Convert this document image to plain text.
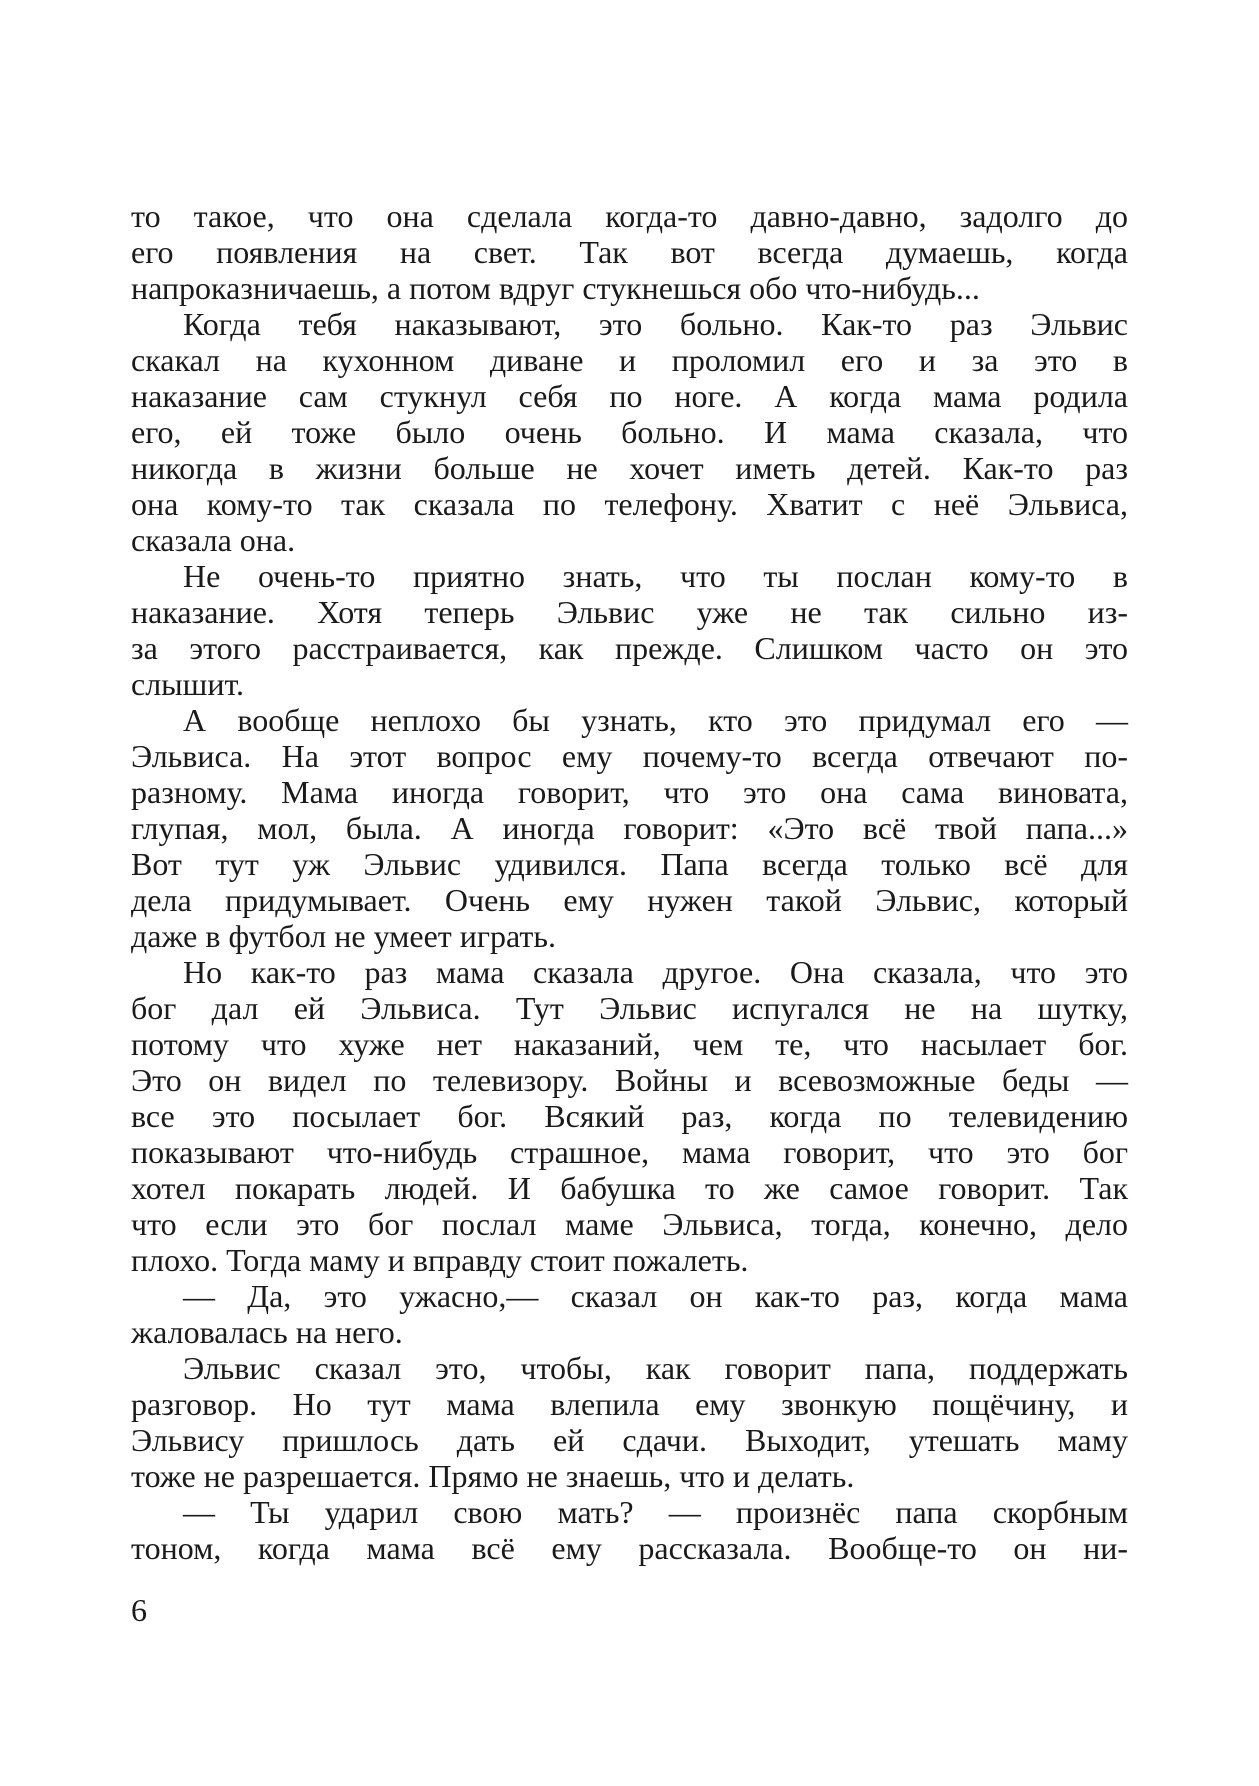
то такое, что она сделала когда-то давно-давно, задолго до
его появления на свет. Так вот всегда думаешь, когда
напроказничаешь, а потом вдруг стукнешься обо что-нибудь...
Когда тебя наказывают, это больно. Как-то раз Эльвис
скакал на кухонном диване и проломил его и за это в
наказание сам стукнул себя по ноге. А когда мама родила
его, ей тоже было очень больно. И мама сказала, что
никогда в жизни больше не хочет иметь детей. Как-то раз
она кому-то так сказала по телефону. Хватит с неё Эльвиса,
сказала она.
Не очень-то приятно знать, что ты послан кому-то в
наказание. Хотя теперь Эльвис уже не так сильно из-
за этого расстраивается, как прежде. Слишком часто он это
слышит.
А вообще неплохо бы узнать, кто это придумал его —
Эльвиса. На этот вопрос ему почему-то всегда отвечают по-
разному. Мама иногда говорит, что это она сама виновата,
глупая, мол, была. А иногда говорит: «Это всё твой папа...»
Вот тут уж Эльвис удивился. Папа всегда только всё для
дела придумывает. Очень ему нужен такой Эльвис, который
даже в футбол не умеет играть.
Но как-то раз мама сказала другое. Она сказала, что это
бог дал ей Эльвиса. Тут Эльвис испугался не на шутку,
потому что хуже нет наказаний, чем те, что насылает бог.
Это он видел по телевизору. Войны и всевозможные беды —
все это посылает бог. Всякий раз, когда по телевидению
показывают что-нибудь страшное, мама говорит, что это бог
хотел покарать людей. И бабушка то же самое говорит. Так
что если это бог послал маме Эльвиса, тогда, конечно, дело
плохо. Тогда маму и вправду стоит пожалеть.
— Да, это ужасно,— сказал он как-то раз, когда мама
жаловалась на него.
Эльвис сказал это, чтобы, как говорит папа, поддержать
разговор. Но тут мама влепила ему звонкую пощёчину, и
Эльвису пришлось дать ей сдачи. Выходит, утешать маму
тоже не разрешается. Прямо не знаешь, что и делать.
— Ты ударил свою мать? — произнёс папа скорбным
тоном, когда мама всё ему рассказала. Вообще-то он ни-
6
